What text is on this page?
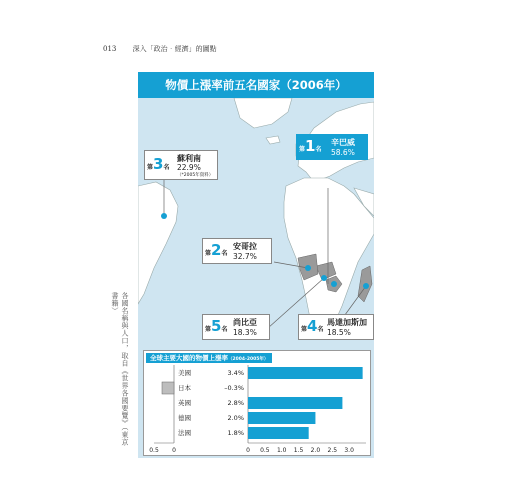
013 深入「政治‧經濟」的圖點
各國名稱與人口，取自《世界各國要覽》（東京書籍）
物價上漲率前五名國家（2006年）
第1名
辛巴威
58.6%
第3名
蘇利南
22.9%
（*2005年資料）
第2名
安哥拉
32.7%
第5名
尚比亞
18.3%	第4名
馬達加斯加
18.5%
全球主要大國的物價上漲率（2004-2005年）
美國	3.4%
日本	–0.3%
英國	2.8%
德國	2.0%
法國	1.8%
0.5 0	0 0.5 1.0 1.5 2.0 2.5 3.0
